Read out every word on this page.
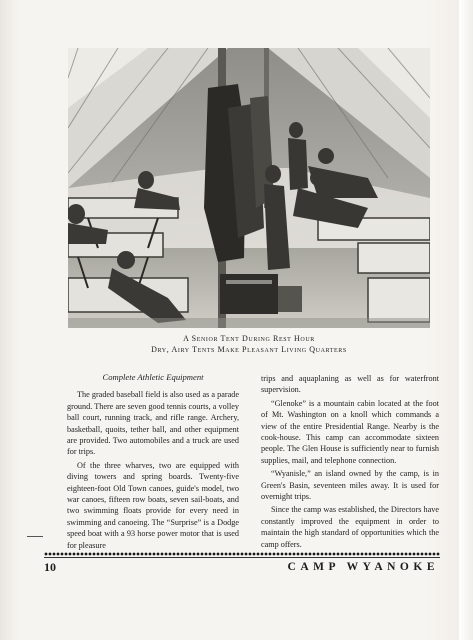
A Senior Tent During Rest Hour
Dry, Airy Tents Make Pleasant Living Quarters
Complete Athletic Equipment

The graded baseball field is also used as a parade ground. There are seven good tennis courts, a volley ball court, running track, and rifle range. Archery, basketball, quoits, tether ball, and other equipment are provided. Two automobiles and a truck are used for trips.

Of the three wharves, two are equipped with diving towers and spring boards. Twenty-five eighteen-foot Old Town canoes, guide's model, two war canoes, fifteen row boats, seven sail-boats, and two swimming floats provide for every need in swimming and canoeing. The “Surprise” is a Dodge speed boat with a 93 horse power motor that is used for pleasure

trips and aquaplaning as well as for waterfront supervision.

“Glenoke” is a mountain cabin located at the foot of Mt. Washington on a knoll which commands a view of the entire Presidential Range. Nearby is the cook-house. This camp can accommodate sixteen people. The Glen House is sufficiently near to furnish supplies, mail, and telephone connection.

“Wyanisle,” an island owned by the camp, is in Green's Basin, seventeen miles away. It is used for overnight trips.

Since the camp was established, the Directors have constantly improved the equipment in order to maintain the high standard of opportunities which the camp offers.

10	CAMP WYANOKE
